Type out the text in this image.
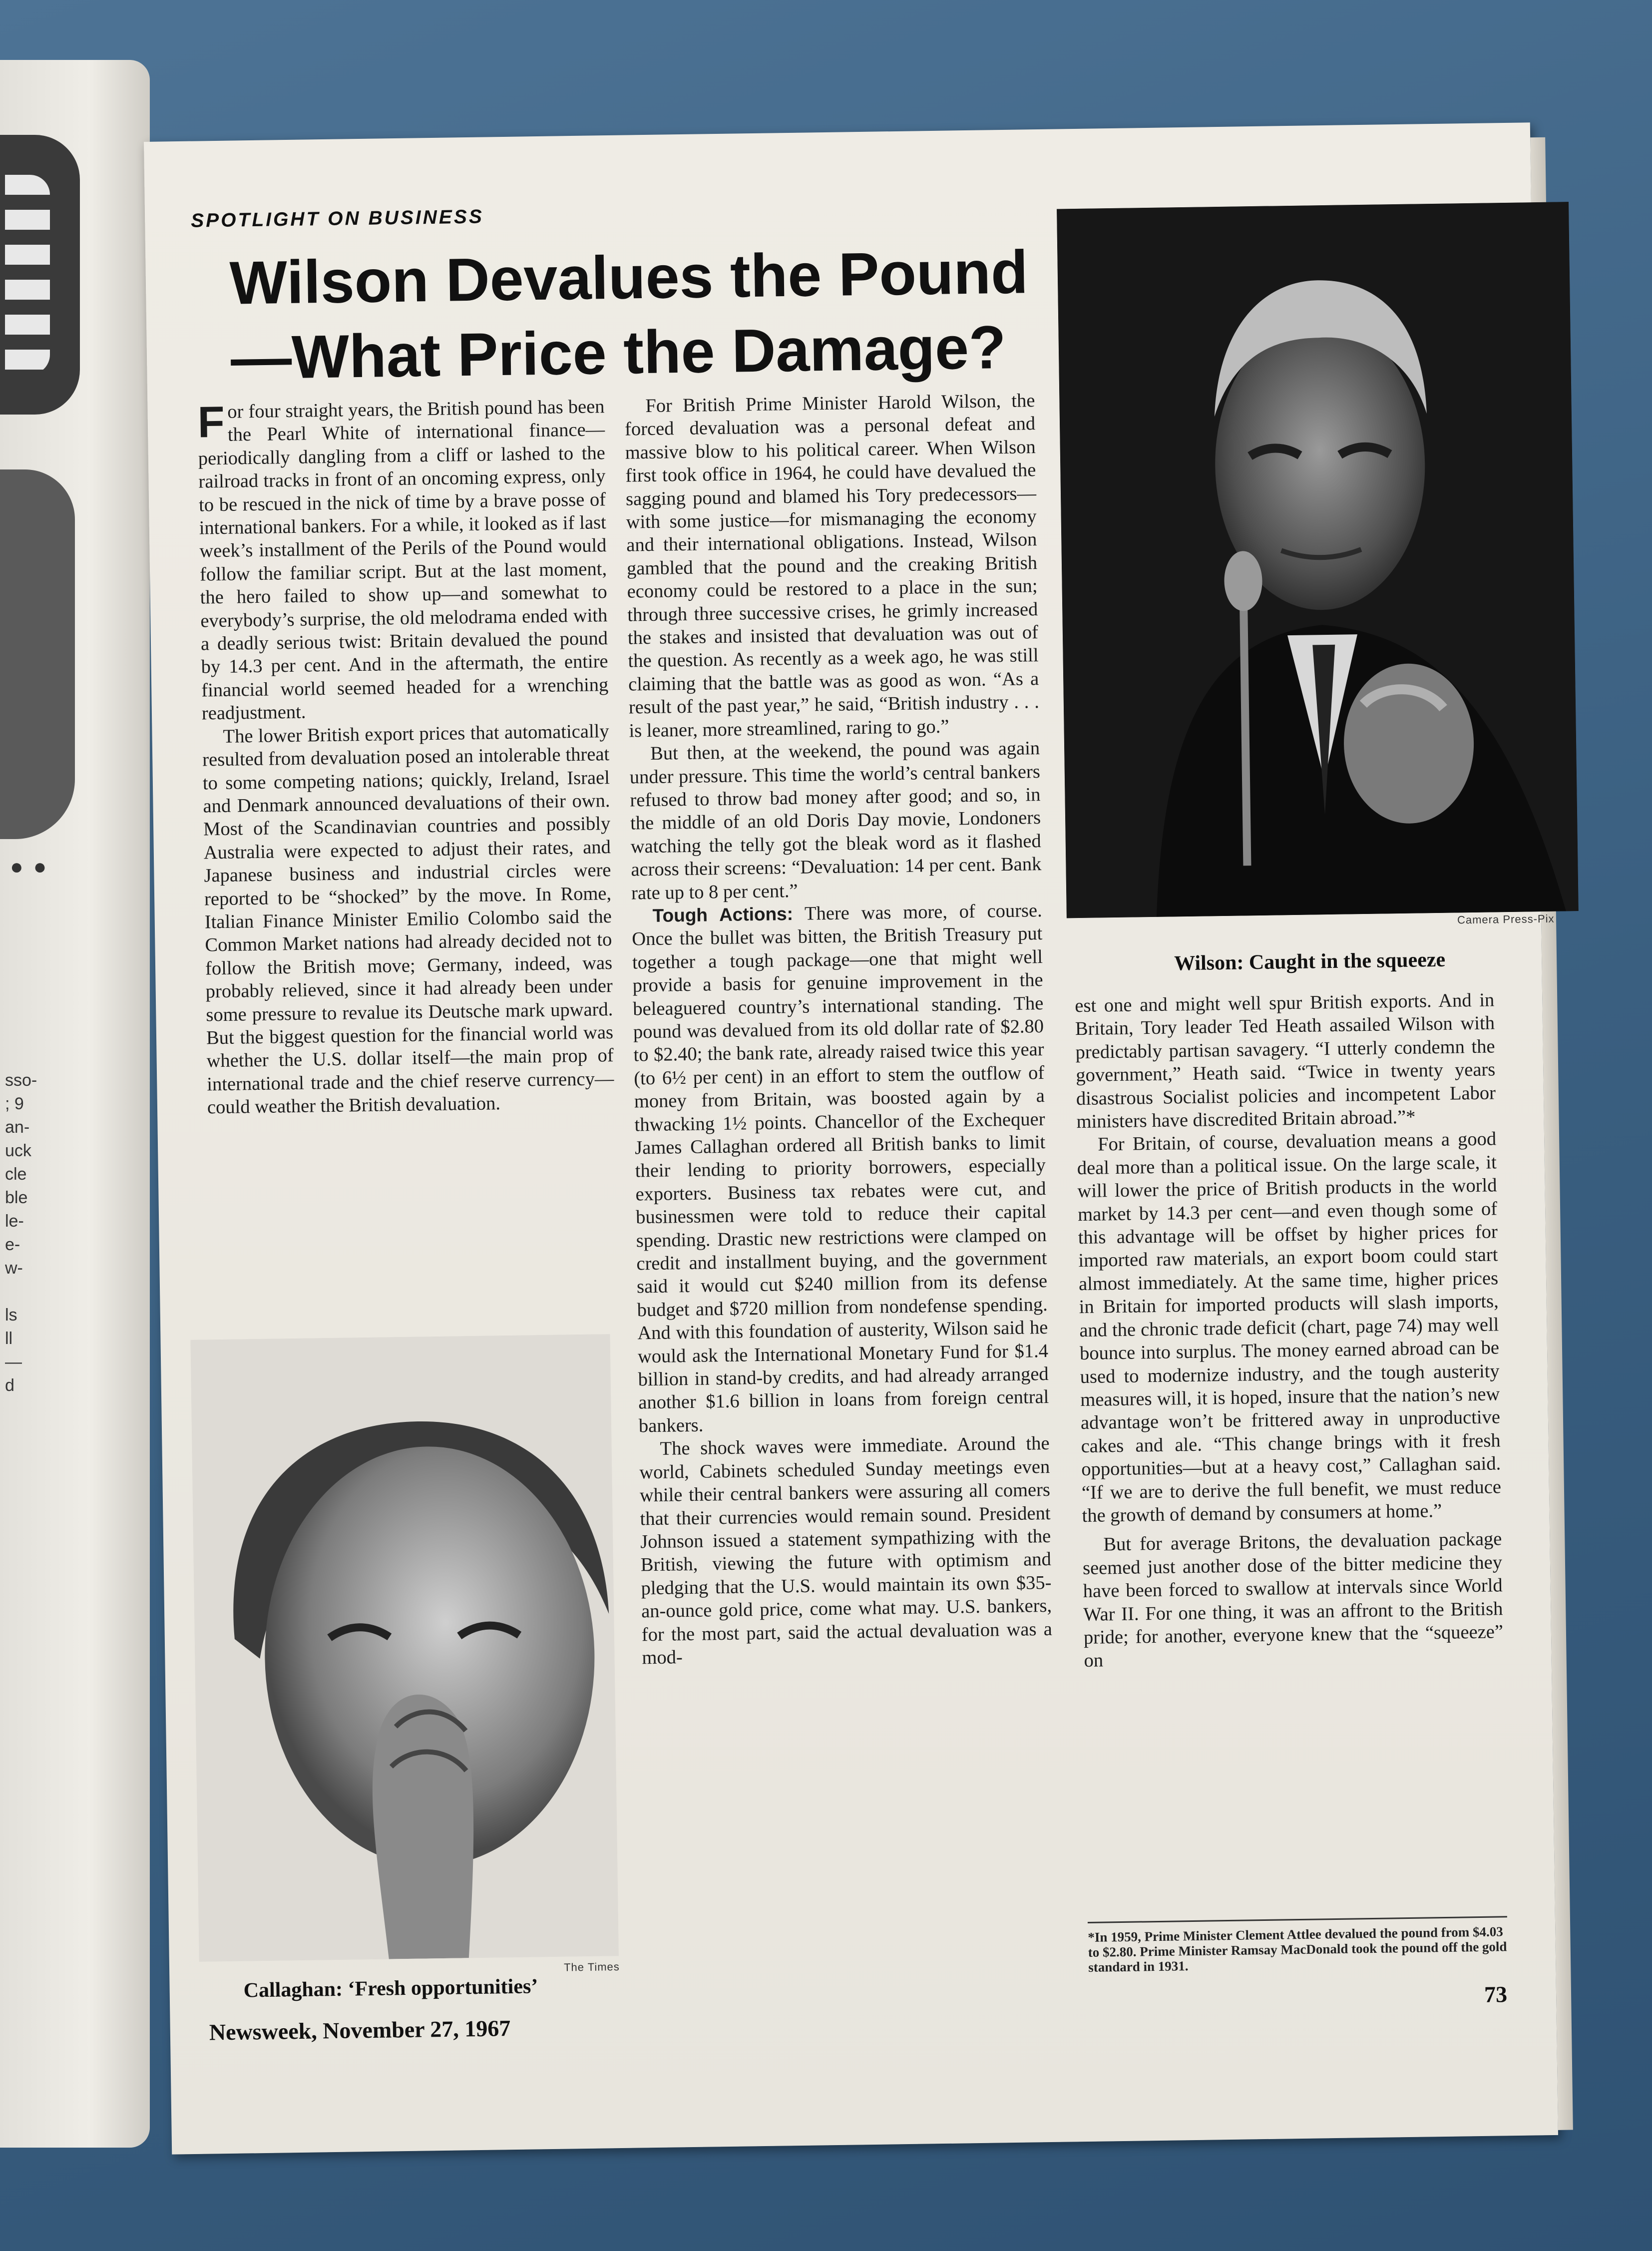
●●
sso-
; 9
an-
uck
cle
ble
le-
e-
w-

ls
ll
—
d
SPOTLIGHT ON BUSINESS
Wilson Devalues the Pound
—What Price the Damage?

For four straight years, the British pound has been the Pearl White of international finance—periodically dangling from a cliff or lashed to the railroad tracks in front of an oncoming express, only to be rescued in the nick of time by a brave posse of international bankers. For a while, it looked as if last week’s installment of the Perils of the Pound would follow the familiar script. But at the last moment, the hero failed to show up—and somewhat to everybody’s surprise, the old melodrama ended with a deadly serious twist: Britain devalued the pound by 14.3 per cent. And in the aftermath, the entire financial world seemed headed for a wrenching readjustment.

The lower British export prices that automatically resulted from devaluation posed an intolerable threat to some competing nations; quickly, Ireland, Israel and Denmark announced devaluations of their own. Most of the Scandinavian countries and possibly Australia were expected to adjust their rates, and Japanese business and industrial circles were reported to be “shocked” by the move. In Rome, Italian Finance Minister Emilio Colombo said the Common Market nations had already decided not to follow the British move; Germany, indeed, was probably relieved, since it had already been under some pressure to revalue its Deutsche mark upward. But the biggest question for the financial world was whether the U.S. dollar itself—the main prop of international trade and the chief reserve currency—could weather the British devaluation.

For British Prime Minister Harold Wilson, the forced devaluation was a personal defeat and massive blow to his political career. When Wilson first took office in 1964, he could have devalued the sagging pound and blamed his Tory predecessors—with some justice—for mismanaging the economy and their international obligations. Instead, Wilson gambled that the pound and the creaking British economy could be restored to a place in the sun; through three successive crises, he grimly increased the stakes and insisted that devaluation was out of the question. As recently as a week ago, he was still claiming that the battle was as good as won. “As a result of the past year,” he said, “British industry . . . is leaner, more streamlined, raring to go.”

But then, at the weekend, the pound was again under pressure. This time the world’s central bankers refused to throw bad money after good; and so, in the middle of an old Doris Day movie, Londoners watching the telly got the bleak word as it flashed across their screens: “Devaluation: 14 per cent. Bank rate up to 8 per cent.”

Tough Actions: There was more, of course. Once the bullet was bitten, the British Treasury put together a tough package—one that might well provide a basis for genuine improvement in the beleaguered country’s international standing. The pound was devalued from its old dollar rate of $2.80 to $2.40; the bank rate, already raised twice this year (to 6½ per cent) in an effort to stem the outflow of money from Britain, was boosted again by a thwacking 1½ points. Chancellor of the Exchequer James Callaghan ordered all British banks to limit their lending to priority borrowers, especially exporters. Business tax rebates were cut, and businessmen were told to reduce their capital spending. Drastic new restrictions were clamped on credit and installment buying, and the government said it would cut $240 million from its defense budget and $720 million from nondefense spending. And with this foundation of austerity, Wilson said he would ask the International Monetary Fund for $1.4 billion in stand-by credits, and had already arranged another $1.6 billion in loans from foreign central bankers.

The shock waves were immediate. Around the world, Cabinets scheduled Sunday meetings even while their central bankers were assuring all comers that their currencies would remain sound. President Johnson issued a statement sympathizing with the British, viewing the future with optimism and pledging that the U.S. would maintain its own $35-an-ounce gold price, come what may. U.S. bankers, for the most part, said the actual devaluation was a mod-

Camera Press-Pix
Wilson: Caught in the squeeze

est one and might well spur British exports. And in Britain, Tory leader Ted Heath assailed Wilson with predictably partisan savagery. “I utterly condemn the government,” Heath said. “Twice in twenty years disastrous Socialist policies and incompetent Labor ministers have discredited Britain abroad.”*

For Britain, of course, devaluation means a good deal more than a political issue. On the large scale, it will lower the price of British products in the world market by 14.3 per cent—and even though some of this advantage will be offset by higher prices for imported raw materials, an export boom could start almost immediately. At the same time, higher prices in Britain for imported products will slash imports, and the chronic trade deficit (chart, page 74) may well bounce into surplus. The money earned abroad can be used to modernize industry, and the tough austerity measures will, it is hoped, insure that the nation’s new advantage won’t be frittered away in unproductive cakes and ale. “This change brings with it fresh opportunities—but at a heavy cost,” Callaghan said. “If we are to derive the full benefit, we must reduce the growth of demand by consumers at home.”

But for average Britons, the devaluation package seemed just another dose of the bitter medicine they have been forced to swallow at intervals since World War II. For one thing, it was an affront to the British pride; for another, everyone knew that the “squeeze” on

The Times
Callaghan: ‘Fresh opportunities’
*In 1959, Prime Minister Clement Attlee devalued the pound from $4.03 to $2.80. Prime Minister Ramsay MacDonald took the pound off the gold standard in 1931.
Newsweek, November 27, 1967
73
